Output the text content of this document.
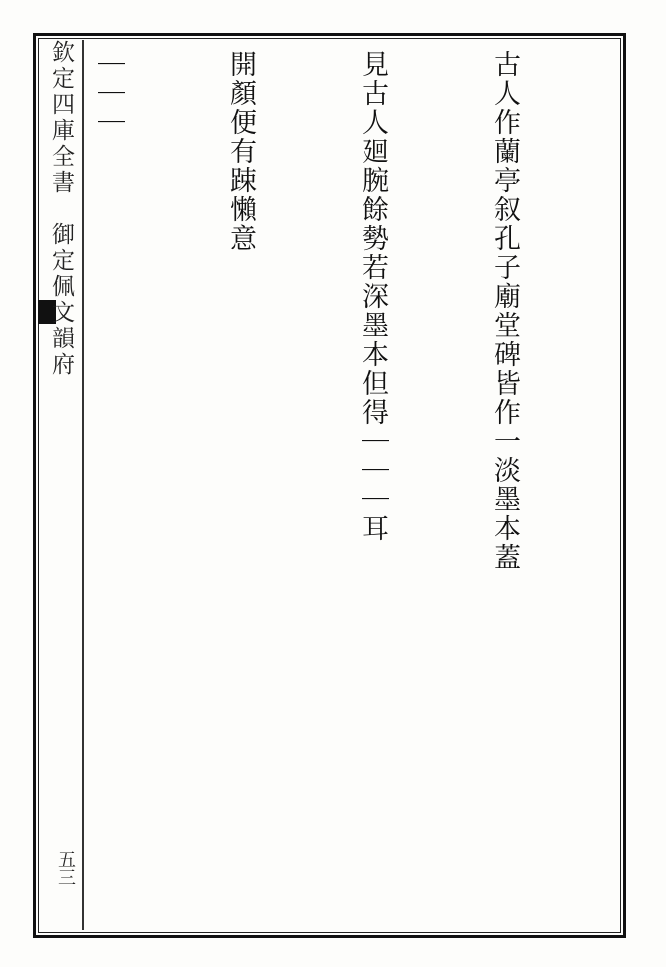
欽定四庫全書　御定佩文韻府
五三

古人作蘭亭叙孔子廟堂碑皆作一淡墨本蓋

見古人廻腕餘勢若深墨本但得｜｜｜耳

開顏便有踈懶意

｜｜｜
